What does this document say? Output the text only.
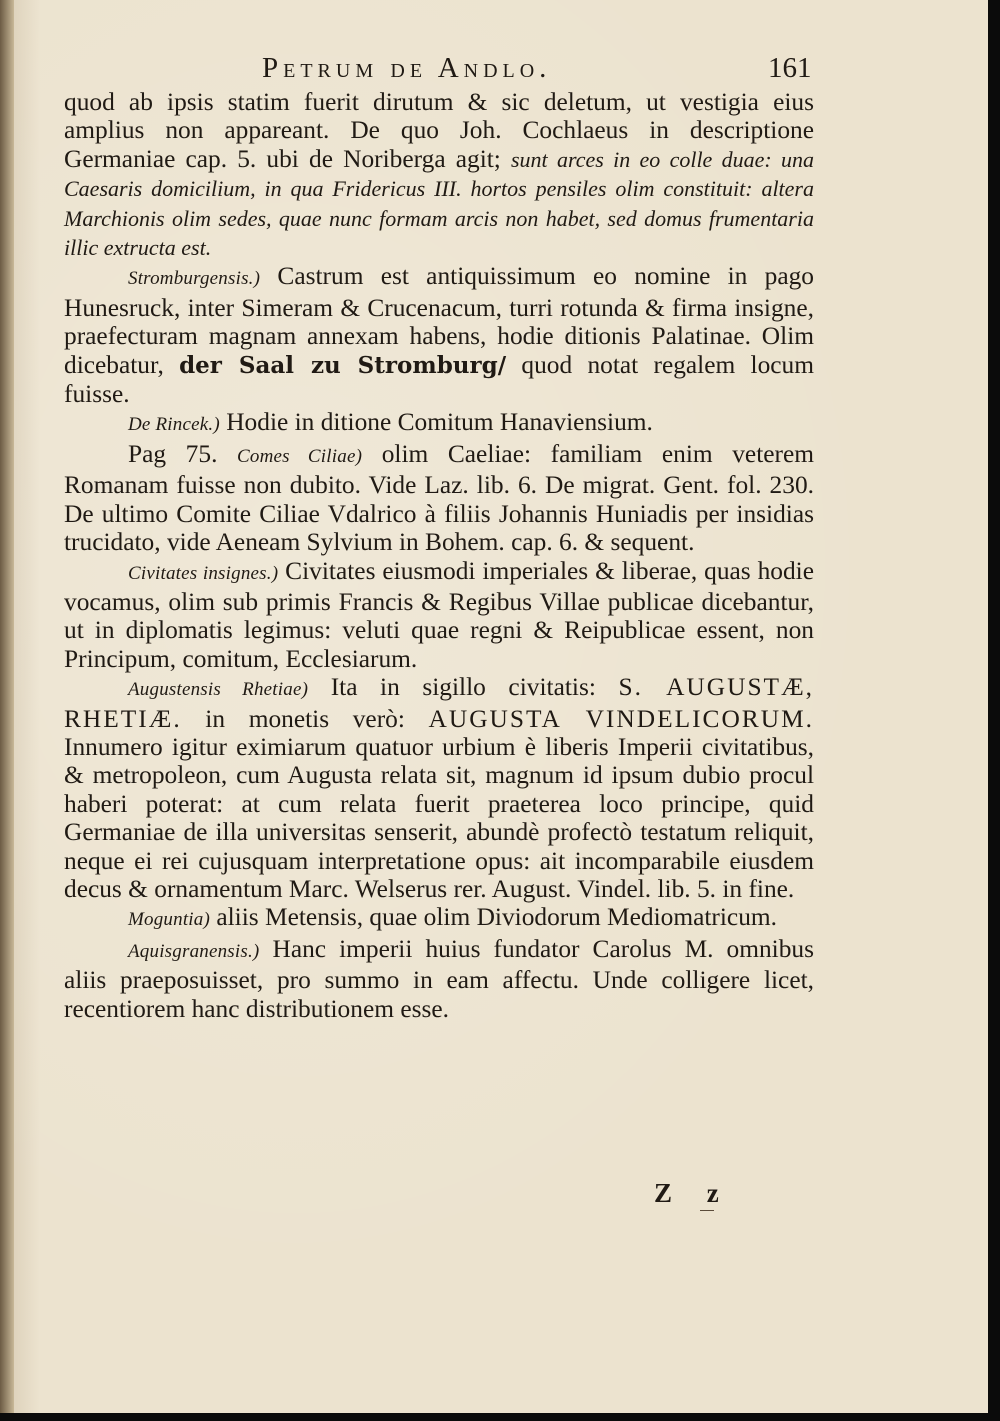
Petrum de Andlo.	161

quod ab ipsis statim fuerit dirutum & sic deletum, ut vestigia eius amplius non appareant. De quo Joh. Cochlaeus in descriptione Germaniae cap. 5. ubi de Noriberga agit; sunt arces in eo colle duae: una Caesaris domicilium, in qua Fridericus III. hortos pensiles olim constituit: altera Marchionis olim sedes, quae nunc formam arcis non habet, sed domus frumentaria illic extructa est.

Stromburgensis.) Castrum est antiquissimum eo nomine in pago Hunesruck, inter Simeram & Crucenacum, turri rotunda & firma insigne, praefecturam magnam annexam habens, hodie ditionis Palatinae. Olim dicebatur, der Saal zu Stromburg/ quod notat regalem locum fuisse.

De Rincek.) Hodie in ditione Comitum Hanaviensium.

Pag 75. Comes Ciliae) olim Caeliae: familiam enim veterem Romanam fuisse non dubito. Vide Laz. lib. 6. De migrat. Gent. fol. 230. De ultimo Comite Ciliae Vdalrico à filiis Johannis Huniadis per insidias trucidato, vide Aeneam Sylvium in Bohem. cap. 6. & sequent.

Civitates insignes.) Civitates eiusmodi imperiales & liberae, quas hodie vocamus, olim sub primis Francis & Regibus Villae publicae dicebantur, ut in diplomatis legimus: veluti quae regni & Reipublicae essent, non Principum, comitum, Ecclesiarum.

Augustensis Rhetiae) Ita in sigillo civitatis: S. AUGUSTÆ, RHETIÆ. in monetis verò: AUGUSTA VINDELICORUM. Innumero igitur eximiarum quatuor urbium è liberis Imperii civitatibus, & metropoleon, cum Augusta relata sit, magnum id ipsum dubio procul haberi poterat: at cum relata fuerit praeterea loco principe, quid Germaniae de illa universitas senserit, abundè profectò testatum reliquit, neque ei rei cujusquam interpretatione opus: ait incomparabile eiusdem decus & ornamentum Marc. Welserus rer. August. Vindel. lib. 5. in fine.

Moguntia) aliis Metensis, quae olim Diviodorum Mediomatricum.

Aquisgranensis.) Hanc imperii huius fundator Carolus M. omnibus aliis praeposuisset, pro summo in eam affectu. Unde colligere licet, recentiorem hanc distributionem esse.

Z z
